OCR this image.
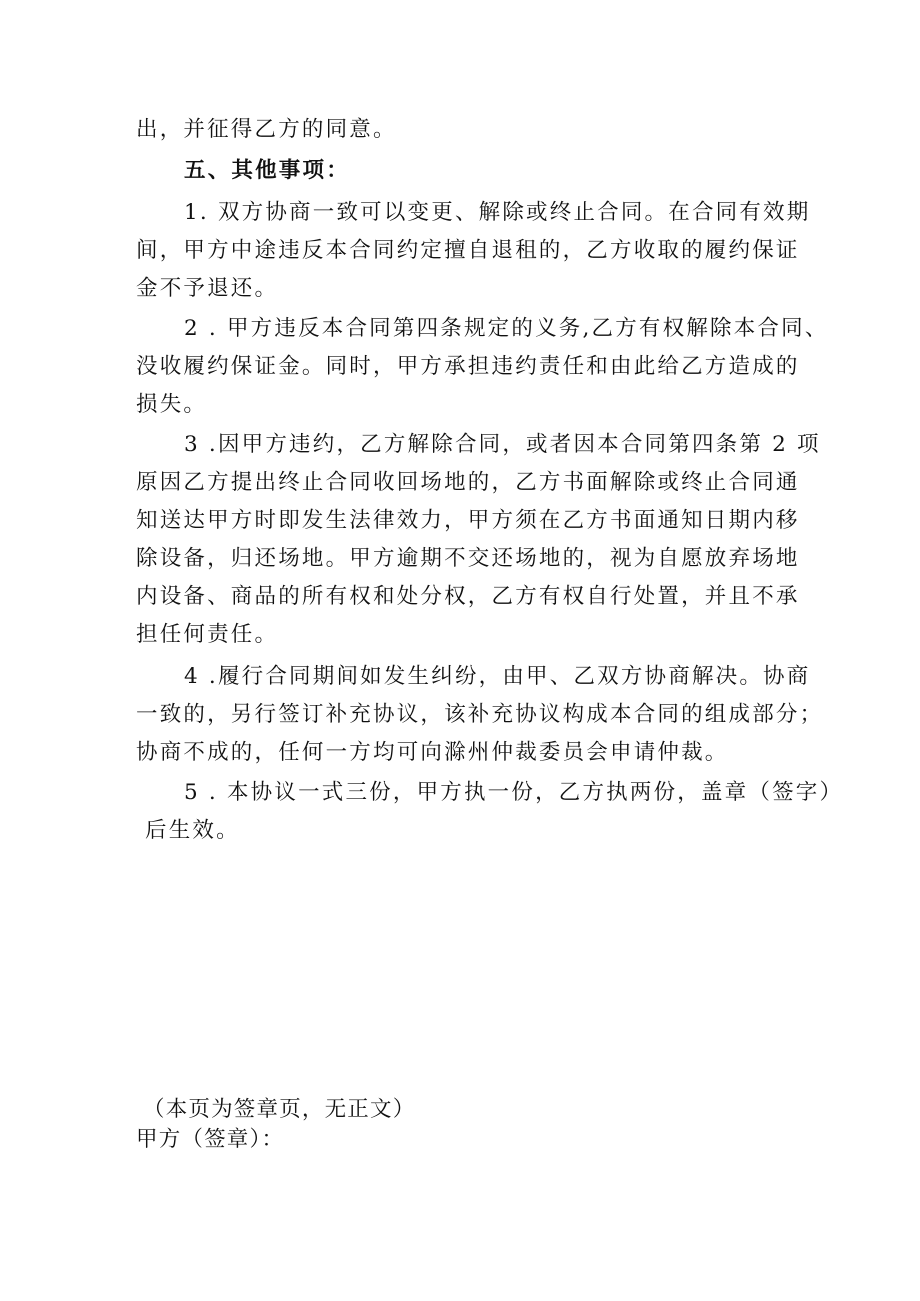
出，并征得乙方的同意。
五、其他事项：
1. 双方协商一致可以变更、解除或终止合同。在合同有效期
间，甲方中途违反本合同约定擅自退租的，乙方收取的履约保证
金不予退还。
2 . 甲方违反本合同第四条规定的义务,乙方有权解除本合同、
没收履约保证金。同时，甲方承担违约责任和由此给乙方造成的
损失。
3 .因甲方违约，乙方解除合同，或者因本合同第四条第 2 项
原因乙方提出终止合同收回场地的，乙方书面解除或终止合同通
知送达甲方时即发生法律效力，甲方须在乙方书面通知日期内移
除设备，归还场地。甲方逾期不交还场地的，视为自愿放弃场地
内设备、商品的所有权和处分权，乙方有权自行处置，并且不承
担任何责任。
4 .履行合同期间如发生纠纷，由甲、乙双方协商解决。协商
一致的，另行签订补充协议，该补充协议构成本合同的组成部分；
协商不成的，任何一方均可向滁州仲裁委员会申请仲裁。
5 . 本协议一式三份，甲方执一份，乙方执两份，盖章（签字）
后生效。
（本页为签章页，无正文）
甲方（签章）：
